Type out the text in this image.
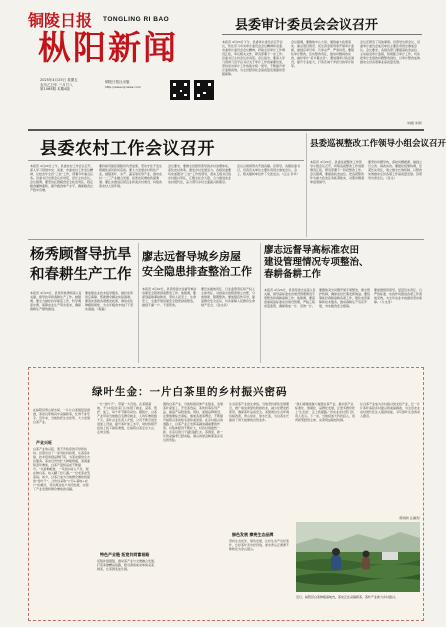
铜陵日报	TONGLING RI BAO
枞阳新闻
2025年4月25日 星期五
农历乙巳年 三月廿八
第1065期 本期4版
铜陵日报社出版
http://www.zynews.com
县委审计委员会会议召开
本报讯 4月23日下午，县委审计委员会召开会议，传达学习中央审计委员会会议精神和省委、市委审计委员会会议精神，听取全县审计工作情况汇报，审议相关文件，研究部署下一步工作。县委书记主持会议并讲话。会议指出，要深入学习贯彻习近平总书记关于审计工作的重要论述，坚持党对审计工作的集中统一领导，不断提升审计监督质效，为全县经济社会高质量发展提供坚强保障。
会议强调，要聚焦中心大局，围绕重大政策落实、重点项目建设、民生资金使用等开展审计监督，做到应审尽审、凡审必严、严肃问责。要强化审计整改，压实整改责任，推动问题真改实改，做好审计“后半篇文章”。要加强审计队伍建设，提升专业能力，打造忠诚干净担当的审计铁军。
会议还研究了其他事项。县领导出席会议，县委审计委员会成员单位主要负责同志参加会议。会议要求，各级各部门要提高政治站位，主动接受审计监督，积极配合审计工作，切实把审计发现的问题整改到位，以审计整改成效推动全县各项事业高质量发展。
（林振 朱建）
县委农村工作会议召开
本报讯 4月24日上午，县委农村工作会议召开，深入学习贯彻中央、省委、市委农村工作会议精神，总结去年全县“三农”工作，部署今年重点任务。县委书记出席会议并讲话，县长主持会议。会议强调，要坚决扛稳粮食安全政治责任，稳定粮食播种面积，提升粮食单产水平，确保粮食总产稳中有增。
要持续巩固拓展脱贫攻坚成果，坚决守住不发生规模性返贫致贫底线。要大力发展乡村特色产业，做强茶叶、水产、蔬菜等优势产业，推动农村一二三产业融合发展，拓宽农民增收致富渠道。要扎实推进宜居宜业和美乡村建设，持续改善农村人居环境。
会议要求，要健全党组织领导的乡村治理体系，深化农村改革，激发乡村发展活力。各级党委要切实加强对“三农”工作的领导，落实五级书记抓乡村振兴责任，汇聚全社会力量，合力推进农业农村现代化，奋力谱写乡村全面振兴新篇章。
会议以视频形式开到各镇。县领导，各镇党委书记，县直有关单位主要负责同志参加会议。会上，相关镇和单位作了交流发言。（汪文 李华）
县委巡视整改工作领导小组会议召开
本报讯 4月24日，县委巡视整改工作领导小组会议召开，听取巡视整改工作进展情况汇报，研究部署下一阶段整改工作。会议强调，要提高政治站位，把巡视整改作为重大政治任务抓紧抓实，对照问题清单逐项销号。
要坚持问题导向，深挖问题根源，做到立行立改、真改实改。要强化统筹协调，压紧压实责任，建立健全长效机制，以整改实效推动全县各项工作高质量发展。县领导出席会议。（宣文）
杨秀顾督导抗旱
和春耕生产工作
本报讯 4月23日，县领导杨秀顾深入有关镇，督导抗旱和春耕生产工作。她强调，要全力做好抗旱保苗工作，科学调度水源，保障农业生产用水需求，确保春耕生产顺利推进。
要加强农业技术指导服务，做好农资供应保障，帮助群众解决实际困难。要落实落细各项惠农政策，调动农民种粮积极性，为全年粮食丰收打下坚实基础。（程磊）
廖志远督导城乡房屋
安全隐患排查整治工作
本报讯 4月22日，县领导廖志远督导城乡房屋安全隐患排查整治工作。他强调，要深刻汲取事故教训，坚持人民至上、生命至上，全面开展房屋安全隐患排查整治，做到不漏一户、不留死角。
要压实属地责任、行业监管责任和产权人主体责任，对排查出的隐患建立台账，分类施策、限期整改。要加强宣传引导，提高群众安全意识，切实保障人民群众生命财产安全。（孙文武）
廖志远督导高标准农田
建设管理情况专项整治、
春耕备耕工作
本报讯 4月24日，县领导廖志远深入有关镇，督导高标准农田建设管理情况专项整治和春耕备耕工作。他强调，要高度重视高标准农田建设管理，严格工程质量监管，确保建成一片、见效一片。
要聚焦突出问题开展专项整治，健全管护机制，确保农田长期发挥效益。要统筹抓好春耕备耕各项工作，强化农资保障和技术服务，推动春耕生产有序开展，夯实粮食安全根基。
要加强组织领导，层层压实责任，以严的标准、实的作风推进各项工作落地见效，为全年农业丰收提供坚实保障。（方文涛）
绿叶生金：一片白茶里的乡村振兴密码
在枞阳县青山绿水间，一片片白茶园层层叠叠，茶农们穿梭其中采摘新茶，忙得不亦乐乎。近年来，当地依托生态优势，大力发展白茶产业。
产业兴旺
白茶产业的兴起，离不开政府的引导和扶持。县里出台了一系列扶持政策，从茶苗补贴、技术培训到品牌打造，为茶农提供全方位服务。茶农们纷纷扩大种植规模，茶园面积逐年增加，白茶产量和品质不断提升。“以前种粮食，一年到头收入不多，现在种白茶，收入翻了好几番。”一位老茶农笑着说。如今，白茶已成为当地群众增收致富的“金叶子”。合作社采取“公司+基地+农户”的模式，带动周边农户共同发展，实现了产业发展和群众增收的双赢。
一片“金叶子”，带富一方百姓。在茶园基地，不少村民在家门口实现了就业，采茶、管护、加工，每个环节都有岗位。据统计，白茶产业带动当地数百名群众就业，人均年增收数千元。茶叶企业负责人介绍，公司不断引进先进加工设备，提升茶叶加工水平，同时积极开拓线上线下销售渠道，让枞阳白茶走出大山、走向全国。
特色产业链 拓宽共同富裕路
延链补链强链，推动茶产业与文旅融合发展，打造茶旅精品线路，吸引游客前来体验采茶、制茶，让茶园变成乐园。
围绕白茶产业，当地积极延伸产业链条，发展茶叶深加工，开发茶食品、茶饮料等系列产品，提高产品附加值。同时，加强品牌建设，注册地理标志商标，参加各类茶博会，不断提升枞阳白茶的知名度和美誉度。在乡村振兴的道路上，白茶产业正发挥着越来越重要的作用。村集体经济不断壮大，村容村貌焕然一新，乡亲们的日子越过越红火。茶园里，新一年的采摘季已经来临，满山的绿意映照着乡亲们的笑脸。
生态是茶产业的生命线。当地坚持绿色发展理念，推广病虫害绿色防控技术，减少化肥农药使用，确保茶叶品质安全。茶园周边生态环境持续改善，青山常在、绿水长流，为白茶生长提供了得天独厚的自然条件。
绿色发展 擦亮生态品牌
坚持生态优先、绿色发展，让好生态产出好茶叶，让好茶叶卖出好价钱，绿水青山正源源不断转化为金山银山。
“我们将继续做大做强白茶产业，推动茶产业标准化、规模化、品牌化发展，让更多群众吃上‘生态饭’、走上致富路。”县农业农村部门负责人表示。下一步，当地将加大科技投入，培育新型经营主体，完善利益联结机制。
让白茶产业成为乡村振兴的支柱产业，让一片片茶叶串起乡村振兴的美丽画卷，为全县农业农村现代化注入强劲动能，书写绿叶生金的动人篇章。
（陈婉秋 汪澜涛）
近日，枞阳县白茶种植基地内，茶农正在采摘新茶，茶叶产业助力乡村振兴。
